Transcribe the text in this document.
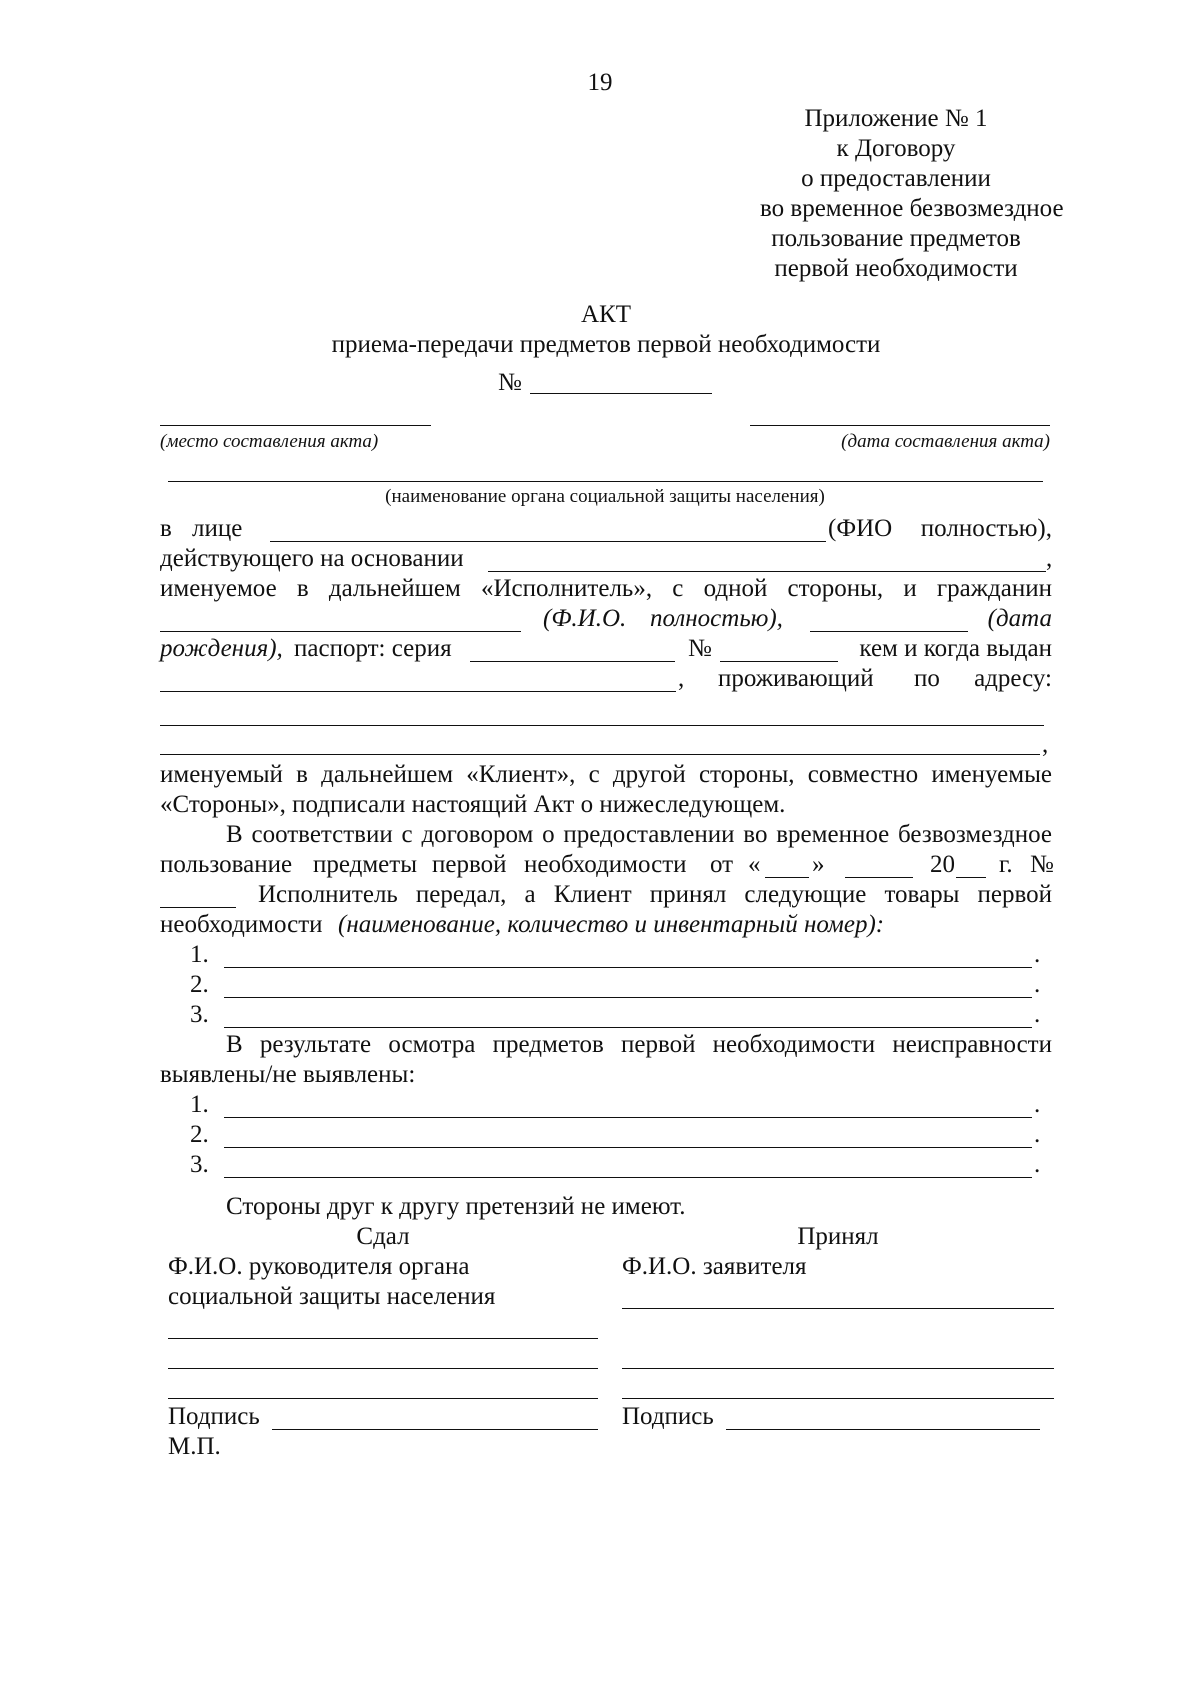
19
Приложение № 1
к Договору
о предоставлении
во временное безвозмездное
пользование предметов
первой необходимости
АКТ
приема-передачи предметов первой необходимости
№
(место составления акта)	(дата составления акта)
(наименование органа социальной защиты населения)
в лице	(ФИО	полностью),
действующего на основании	,
именуемое в дальнейшем «Исполнитель», с одной стороны, и гражданин
(Ф.И.О. полностью),	(дата
рождения), паспорт: серия	№	кем и когда выдан
, проживающий по	адресу:
,
именуемый в дальнейшем «Клиент», с другой стороны, совместно именуемые
«Стороны», подписали настоящий Акт о нижеследующем.
В соответствии с договором о предоставлении во временное безвозмездное
пользование предметы первой необходимости от « »	20 г. №
Исполнитель передал, а Клиент принял следующие товары первой
необходимости (наименование, количество и инвентарный номер):
1.	.
2.	.
3.	.
В результате осмотра предметов первой необходимости неисправности
выявлены/не выявлены:
1.	.
2.	.
3.	.
Стороны друг к другу претензий не имеют.
Сдал	Принял
Ф.И.О. руководителя органа
социальной защиты населения
Ф.И.О. заявителя
Подпись	Подпись
М.П.
